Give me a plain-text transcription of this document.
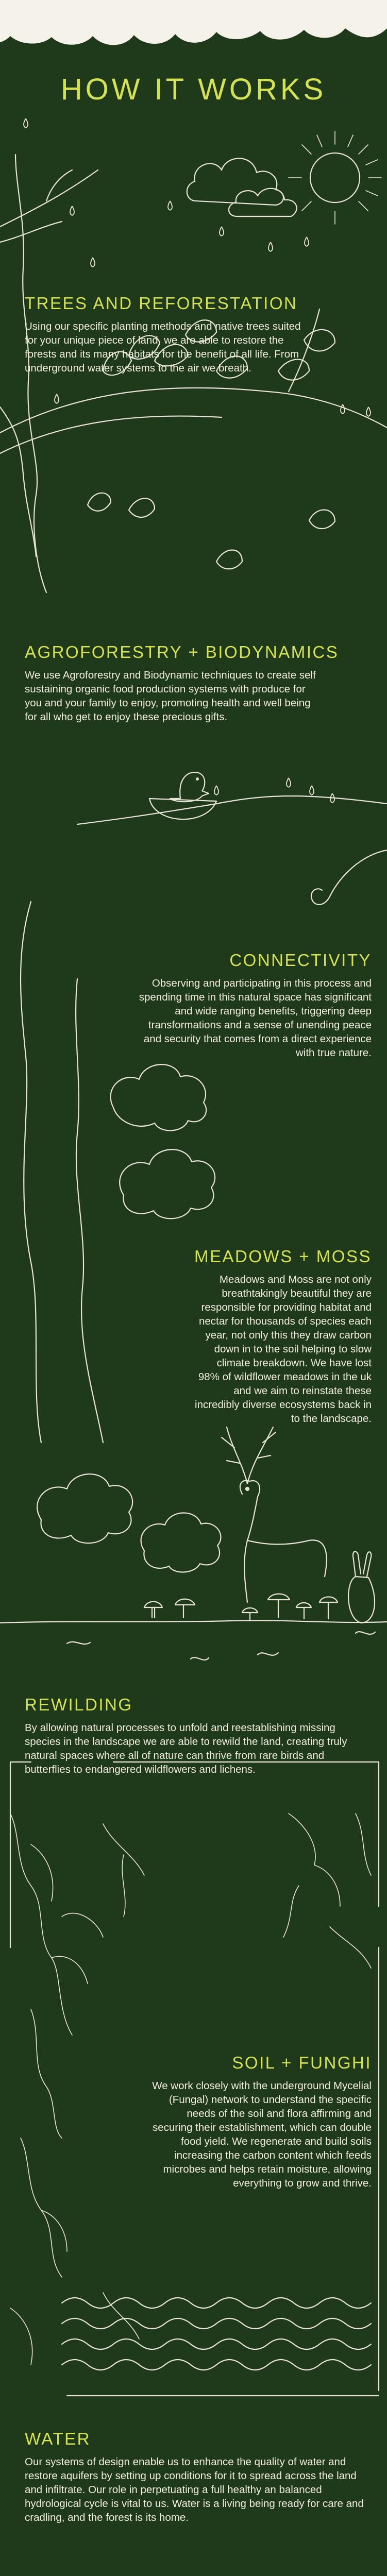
HOW IT WORKS
TREES AND REFORESTATION
Using our specific planting methods and native trees suited for your unique piece of land, we are able to restore the forests and its many habitats for the benefit of all life. From underground water systems to the air we breath.
AGROFORESTRY + BIODYNAMICS
We use Agroforestry and Biodynamic techniques to create self sustaining organic food production systems with produce for you and your family to enjoy, promoting health and well being for all who get to enjoy these precious gifts.
CONNECTIVITY
Observing and participating in this process and spending time in this natural space has significant and wide ranging benefits, triggering deep transformations and a sense of unending peace and security that comes from a direct experience with true nature.
MEADOWS + MOSS
Meadows and Moss are not only breathtakingly beautiful they are responsible for providing habitat and nectar for thousands of species each year, not only this they draw carbon down in to the soil helping to slow climate breakdown. We have lost 98% of wildflower meadows in the uk and we aim to reinstate these incredibly diverse ecosystems back in to the landscape.
REWILDING
By allowing natural processes to unfold and reestablishing missing species in the landscape we are able to rewild the land, creating truly natural spaces where all of nature can thrive from rare birds and butterflies to endangered wildflowers and lichens.
SOIL + FUNGHI
We work closely with the underground Mycelial (Fungal) network to understand the specific needs of the soil and flora affirming and securing their establishment, which can double food yield. We regenerate and build soils increasing the carbon content which feeds microbes and helps retain moisture, allowing everything to grow and thrive.
WATER
Our systems of design enable us to enhance the quality of water and restore aquifers by setting up conditions for it to spread across the land and infiltrate. Our role in perpetuating a full healthy an balanced hydrological cycle is vital to us. Water is a living being ready for care and cradling, and the forest is its home.
